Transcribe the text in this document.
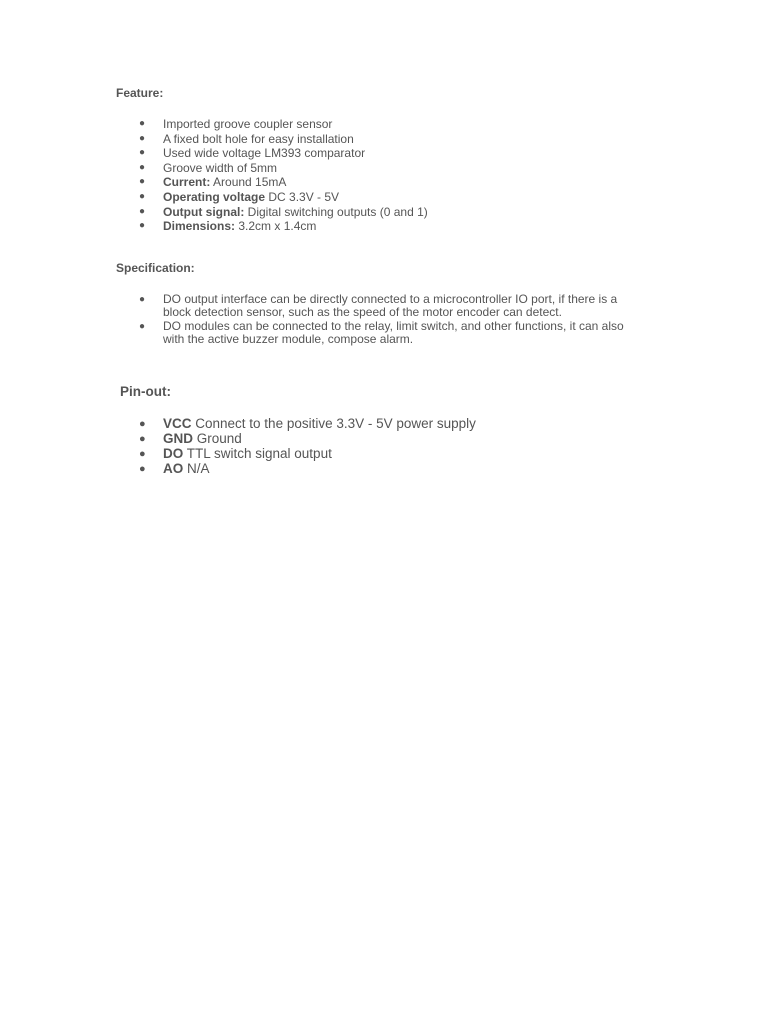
Feature:
● Imported groove coupler sensor
● A fixed bolt hole for easy installation
● Used wide voltage LM393 comparator
● Groove width of 5mm
● Current: Around 15mA
● Operating voltage DC 3.3V - 5V
● Output signal: Digital switching outputs (0 and 1)
● Dimensions: 3.2cm x 1.4cm
Specification:
● DO output interface can be directly connected to a microcontroller IO port, if there is a block detection sensor, such as the speed of the motor encoder can detect.
● DO modules can be connected to the relay, limit switch, and other functions, it can also with the active buzzer module, compose alarm.
Pin-out:
● VCC Connect to the positive 3.3V - 5V power supply
● GND Ground
● DO TTL switch signal output
● AO N/A
